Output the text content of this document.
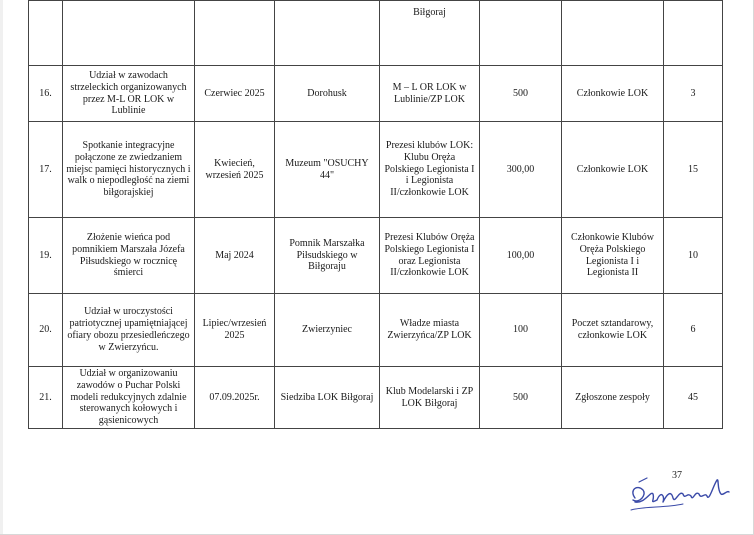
				Biłgoraj			
16.	Udział w zawodach strzeleckich organizowanych przez M-L OR LOK w Lublinie	Czerwiec 2025	Dorohusk	M – L OR LOK w Lublinie/ZP LOK	500	Członkowie LOK	3
17.	Spotkanie integracyjne połączone ze zwiedzaniem miejsc pamięci historycznych i walk o niepodległość na ziemi biłgorajskiej	Kwiecień, wrzesień 2025	Muzeum "OSUCHY 44"	Prezesi klubów LOK: Klubu Oręża Polskiego Legionista I i Legionista II/członkowie LOK	300,00	Członkowie LOK	15
19.	Złożenie wieńca pod pomnikiem Marszała Józefa Piłsudskiego w rocznicę śmierci	Maj 2024	Pomnik Marszałka Piłsudskiego w Biłgoraju	Prezesi Klubów Oręża Polskiego Legionista I oraz Legionista II/członkowie LOK	100,00	Członkowie Klubów Oręża Polskiego Legionista I i Legionista II	10
20.	Udział w uroczystości patriotycznej upamiętniającej ofiary obozu przesiedleńczego w Zwierzyńcu.	Lipiec/wrzesień 2025	Zwierzyniec	Władze miasta Zwierzyńca/ZP LOK	100	Poczet sztandarowy, członkowie LOK	6
21.	Udział w organizowaniu zawodów o Puchar Polski modeli redukcyjnych zdalnie sterowanych kołowych i gąsienicowych	07.09.2025r.	Siedziba LOK Biłgoraj	Klub Modelarski i ZP LOK Biłgoraj	500	Zgłoszone zespoły	45
37
